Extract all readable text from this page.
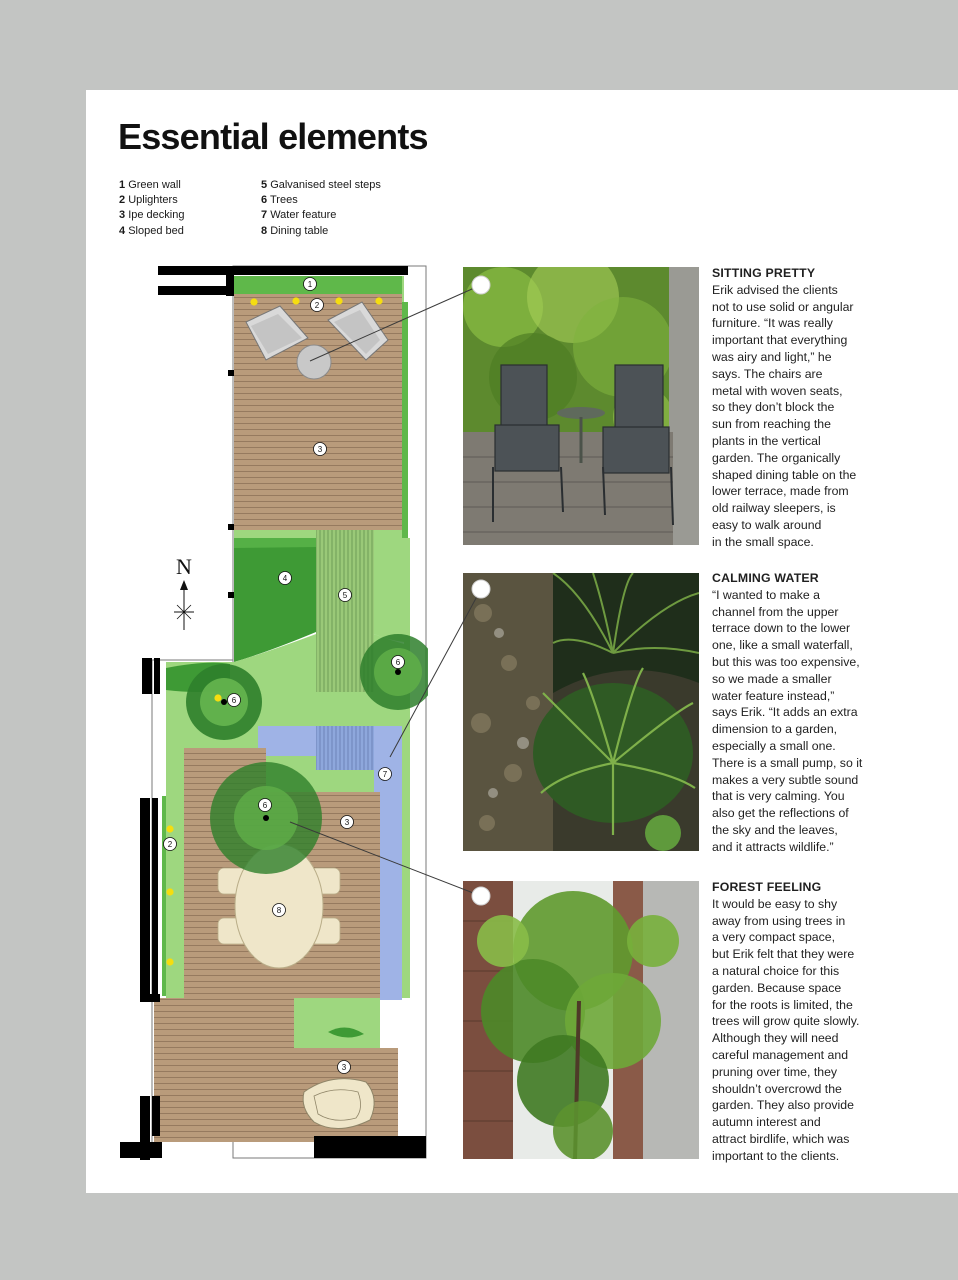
Essential elements
1 Green wall
2 Uplighters
3 Ipe decking
4 Sloped bed
5 Galvanised steel steps
6 Trees
7 Water feature
8 Dining table
N
1
2
3
4
5
6
6
7
6
3
2
8
3
SITTING PRETTY

Erik advised the clients

not to use solid or angular

furniture. “It was really

important that everything

was airy and light,” he

says. The chairs are

metal with woven seats,

so they don’t block the

sun from reaching the

plants in the vertical

garden. The organically

shaped dining table on the

lower terrace, made from

old railway sleepers, is

easy to walk around

in the small space.

CALMING WATER

“I wanted to make a

channel from the upper

terrace down to the lower

one, like a small waterfall,

but this was too expensive,

so we made a smaller

water feature instead,”

says Erik. “It adds an extra

dimension to a garden,

especially a small one.

There is a small pump, so it

makes a very subtle sound

that is very calming. You

also get the reflections of

the sky and the leaves,

and it attracts wildlife.”

FOREST FEELING

It would be easy to shy

away from using trees in

a very compact space,

but Erik felt that they were

a natural choice for this

garden. Because space

for the roots is limited, the

trees will grow quite slowly.

Although they will need

careful management and

pruning over time, they

shouldn’t overcrowd the

garden. They also provide

autumn interest and

attract birdlife, which was

important to the clients.
